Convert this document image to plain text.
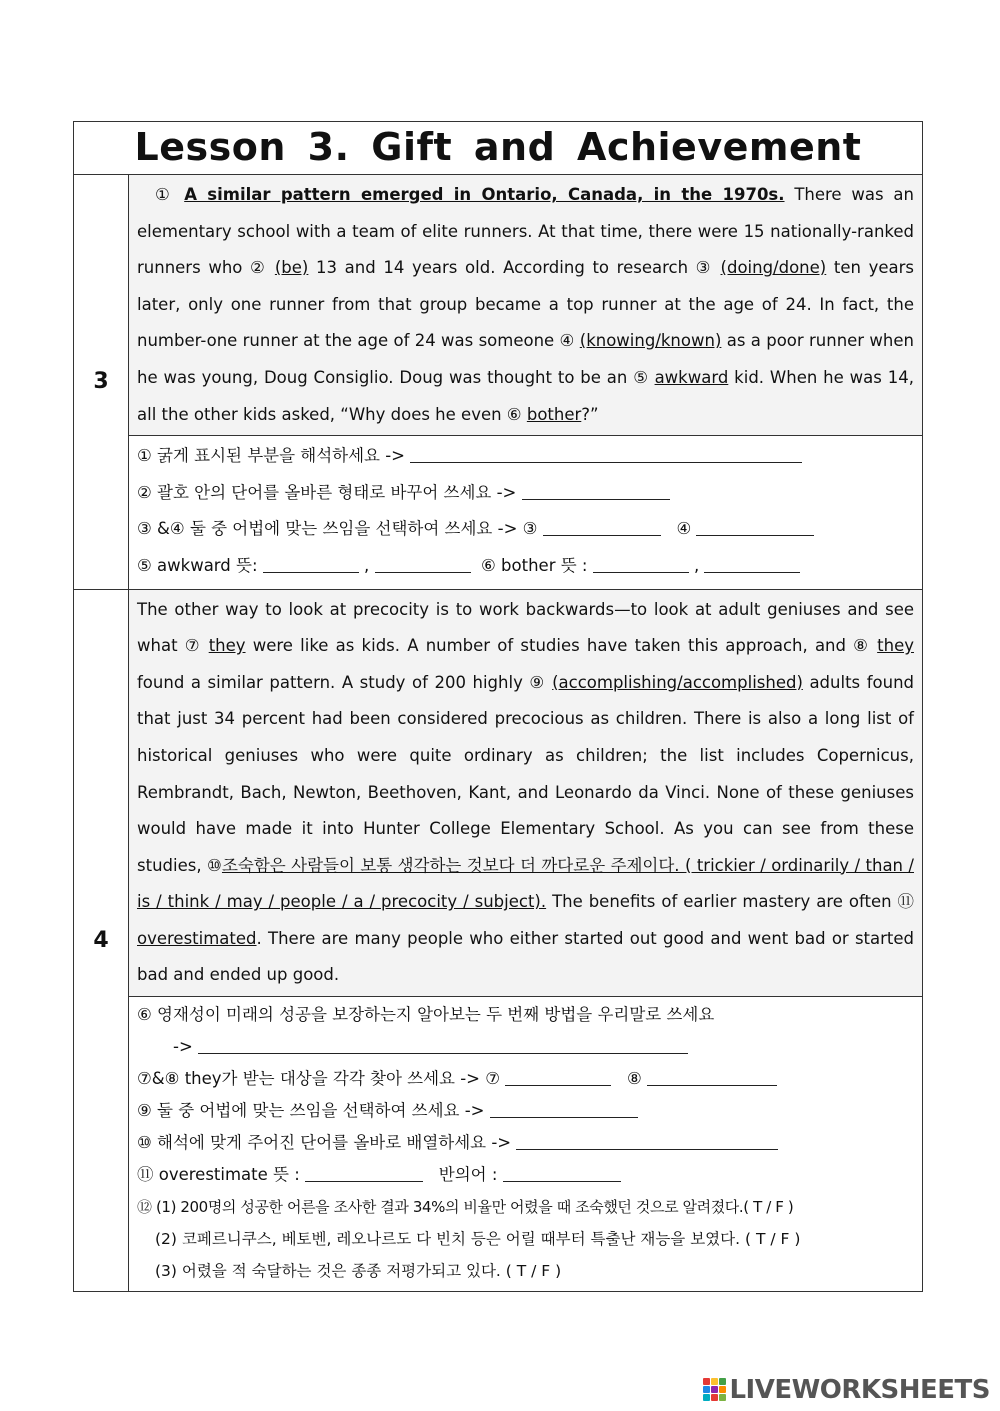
Lesson 3. Gift and Achievement
3
① A similar pattern emerged in Ontario, Canada, in the 1970s. There was an elementary school with a team of elite runners. At that time, there were 15 nationally-ranked runners who ② (be) 13 and 14 years old. According to research ③ (doing/done) ten years later, only one runner from that group became a top runner at the age of 24. In fact, the number-one runner at the age of 24 was someone ④ (knowing/known) as a poor runner when he was young, Doug Consiglio. Doug was thought to be an ⑤ awkward kid. When he was 14, all the other kids asked, “Why does he even ⑥ bother?”
① 굵게 표시된 부분을 해석하세요 ->
② 괄호 안의 단어를 올바른 형태로 바꾸어 쓰세요 ->
③ &④ 둘 중 어법에 맞는 쓰임을 선택하여 쓰세요 -> ③	④
⑤ awkward 뜻:	,	⑥ bother 뜻 :	,
4
The other way to look at precocity is to work backwards—to look at adult geniuses and see what ⑦ they were like as kids. A number of studies have taken this approach, and ⑧ they found a similar pattern. A study of 200 highly ⑨ (accomplishing/accomplished) adults found that just 34 percent had been considered precocious as children. There is also a long list of historical geniuses who were quite ordinary as children; the list includes Copernicus, Rembrandt, Bach, Newton, Beethoven, Kant, and Leonardo da Vinci. None of these geniuses would have made it into Hunter College Elementary School. As you can see from these studies, ⑩조숙함은 사람들이 보통 생각하는 것보다 더 까다로운 주제이다. ( trickier / ordinarily / than / is / think / may / people / a / precocity / subject). The benefits of earlier mastery are often ⑪ overestimated. There are many people who either started out good and went bad or started bad and ended up good.
⑥ 영재성이 미래의 성공을 보장하는지 알아보는 두 번째 방법을 우리말로 쓰세요
->
⑦&⑧ they가 받는 대상을 각각 찾아 쓰세요 -> ⑦	⑧
⑨ 둘 중 어법에 맞는 쓰임을 선택하여 쓰세요 ->
⑩ 해석에 맞게 주어진 단어를 올바로 배열하세요 ->
⑪ overestimate 뜻 :	반의어 :
⑫ (1) 200명의 성공한 어른을 조사한 결과 34%의 비율만 어렸을 때 조숙했던 것으로 알려졌다.( T / F )
(2) 코페르니쿠스, 베토벤, 레오나르도 다 빈치 등은 어릴 때부터 특출난 재능을 보였다. ( T / F )
(3) 어렸을 적 숙달하는 것은 종종 저평가되고 있다. ( T / F )
LIVEWORKSHEETS
